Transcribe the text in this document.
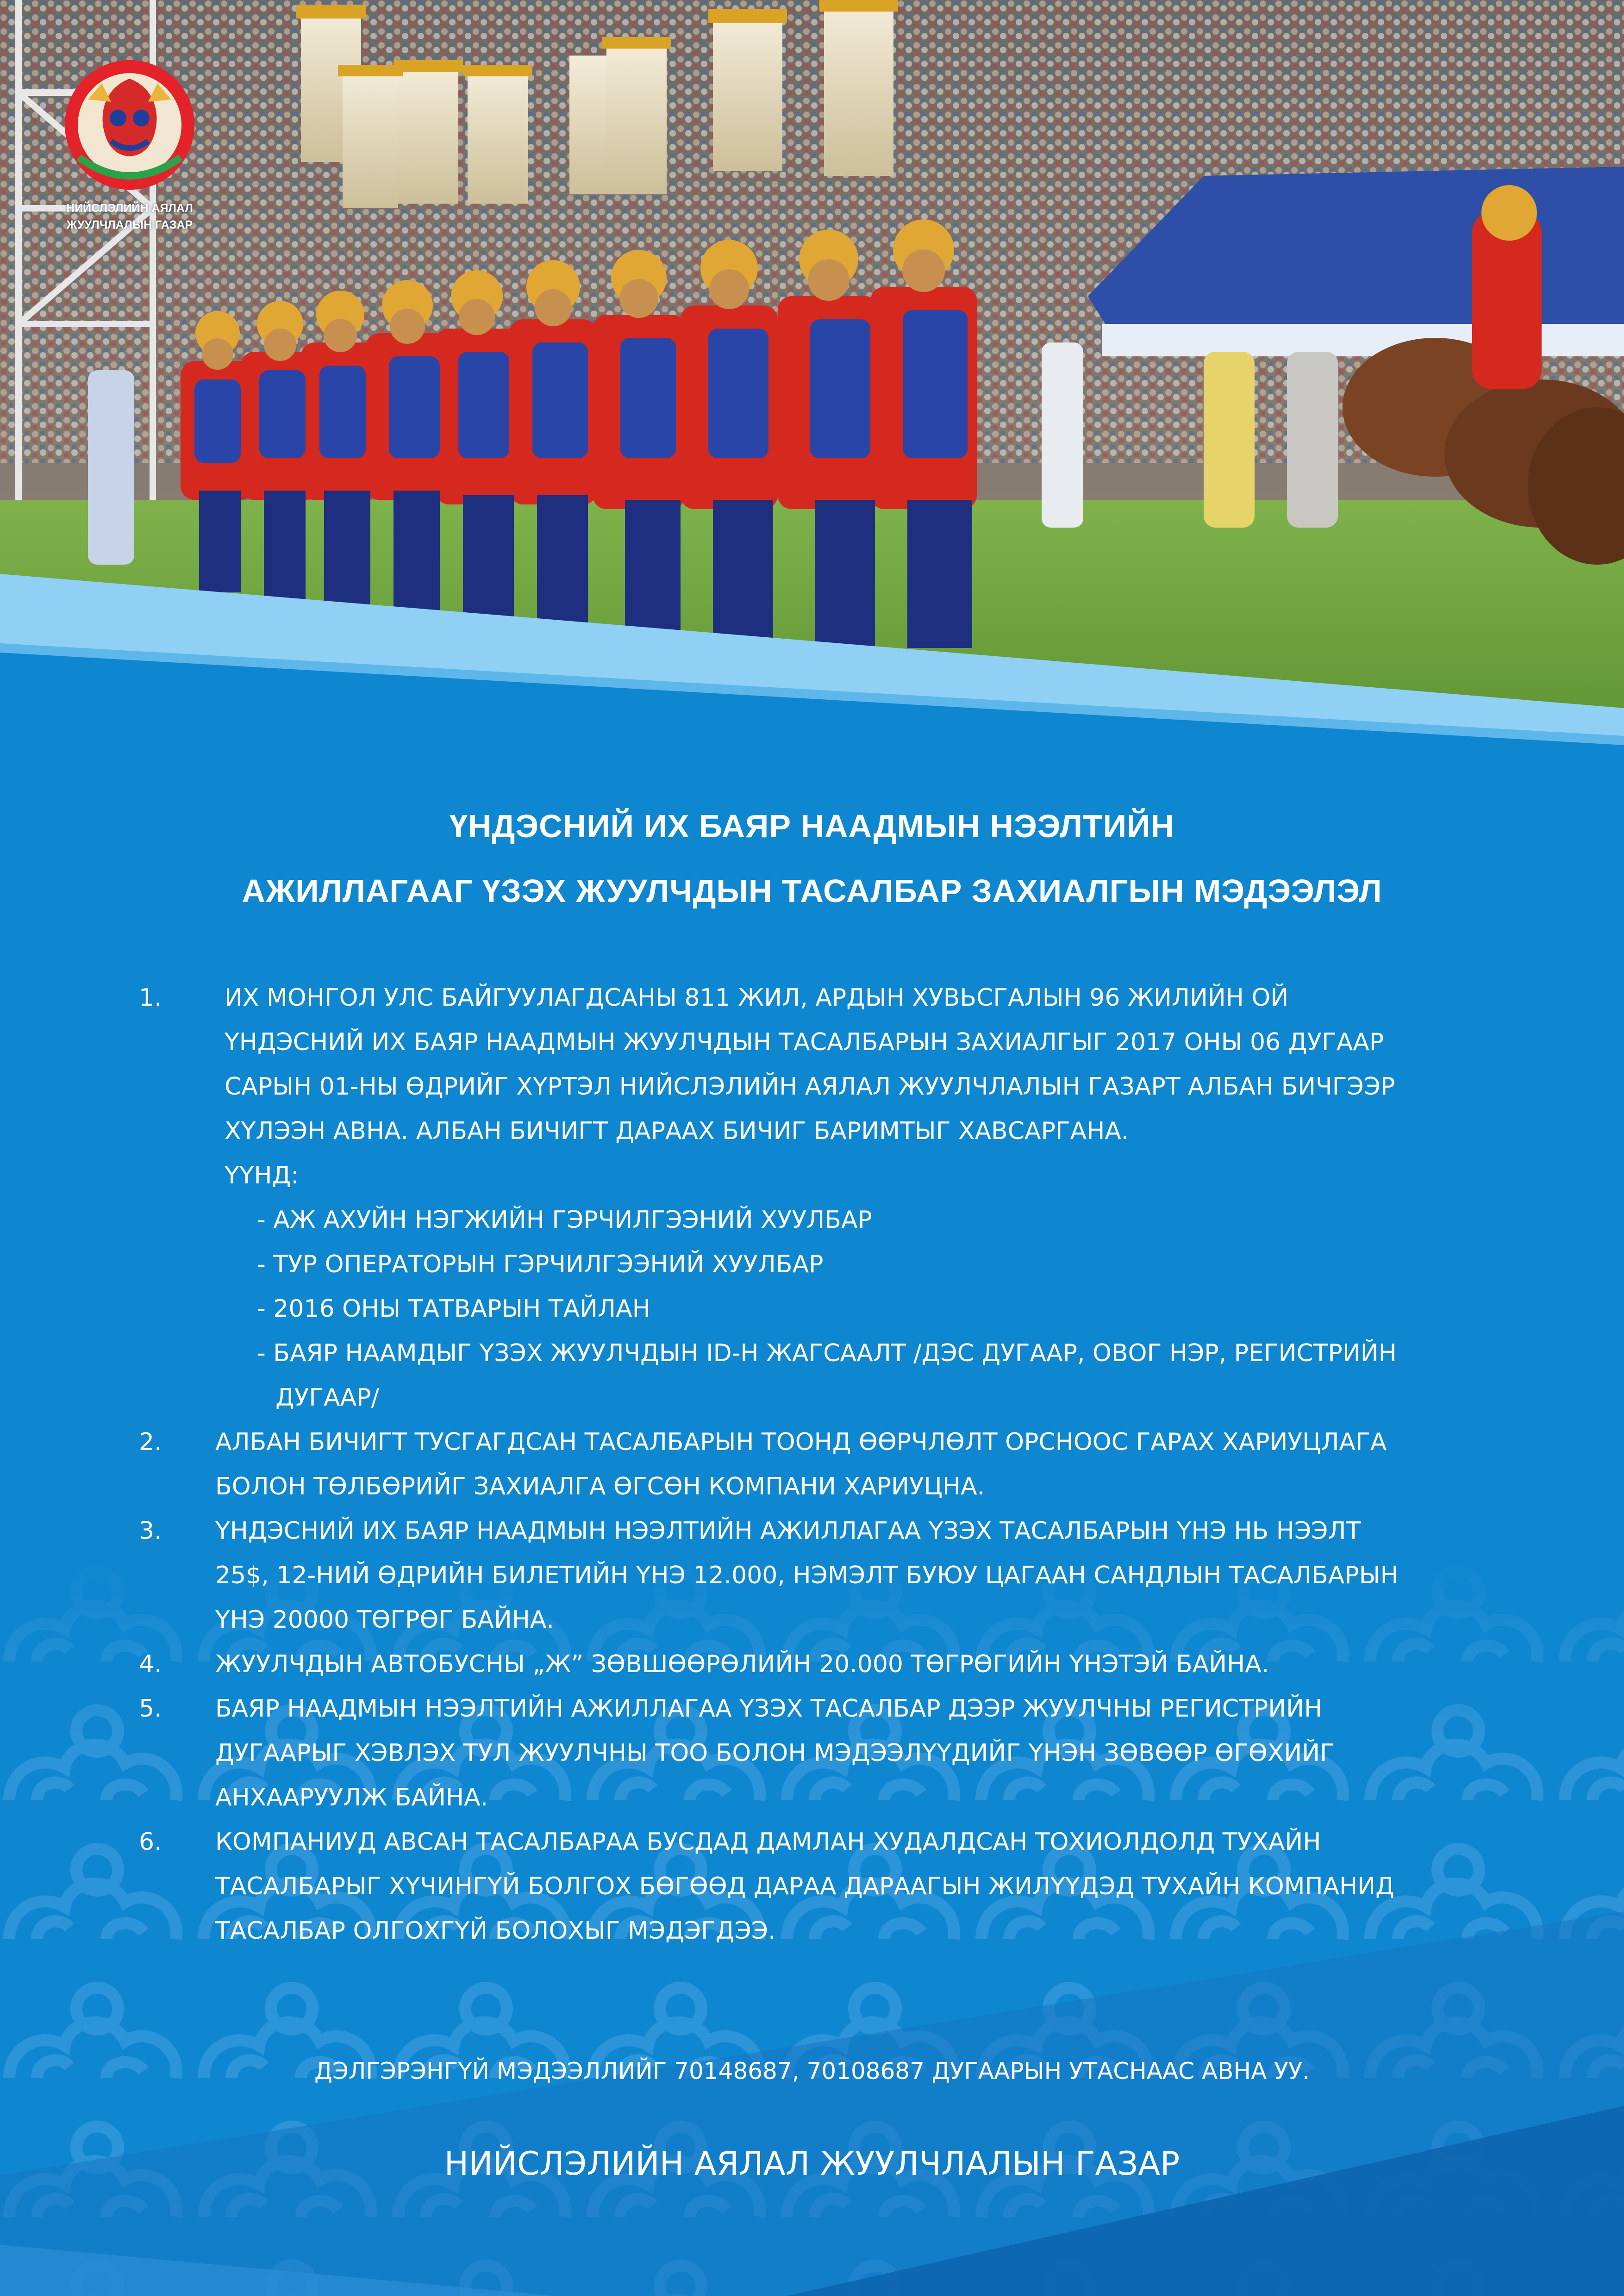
НИЙСЛЭЛИЙН АЯЛАЛ
ЖУУЛЧЛАЛЫН ГАЗАР
ҮНДЭСНИЙ ИХ БАЯР НААДМЫН НЭЭЛТИЙН
АЖИЛЛАГААГ ҮЗЭХ ЖУУЛЧДЫН ТАСАЛБАР ЗАХИАЛГЫН МЭДЭЭЛЭЛ
1.	ИХ МОНГОЛ УЛС БАЙГУУЛАГДСАНЫ 811 ЖИЛ, АРДЫН ХУВЬСГАЛЫН 96 ЖИЛИЙН ОЙ
ҮНДЭСНИЙ ИХ БАЯР НААДМЫН ЖУУЛЧДЫН ТАСАЛБАРЫН ЗАХИАЛГЫГ 2017 ОНЫ 06 ДУГААР
САРЫН 01-НЫ ӨДРИЙГ ХҮРТЭЛ НИЙСЛЭЛИЙН АЯЛАЛ ЖУУЛЧЛАЛЫН ГАЗАРТ АЛБАН БИЧГЭЭР
ХҮЛЭЭН АВНА. АЛБАН БИЧИГТ ДАРААХ БИЧИГ БАРИМТЫГ ХАВСАРГАНА.
ҮҮНД:
- АЖ АХУЙН НЭГЖИЙН ГЭРЧИЛГЭЭНИЙ ХУУЛБАР
- ТУР ОПЕРАТОРЫН ГЭРЧИЛГЭЭНИЙ ХУУЛБАР
- 2016 ОНЫ ТАТВАРЫН ТАЙЛАН
- БАЯР НААМДЫГ ҮЗЭХ ЖУУЛЧДЫН ID-Н ЖАГСААЛТ /ДЭС ДУГААР, ОВОГ НЭР, РЕГИСТРИЙН
ДУГААР/
2. АЛБАН БИЧИГТ ТУСГАГДСАН ТАСАЛБАРЫН ТООНД ӨӨРЧЛӨЛТ ОРСНООС ГАРАХ ХАРИУЦЛАГА
БОЛОН ТӨЛБӨРИЙГ ЗАХИАЛГА ӨГСӨН КОМПАНИ ХАРИУЦНА.
3. ҮНДЭСНИЙ ИХ БАЯР НААДМЫН НЭЭЛТИЙН АЖИЛЛАГАА ҮЗЭХ ТАСАЛБАРЫН ҮНЭ НЬ НЭЭЛТ
25$, 12-НИЙ ӨДРИЙН БИЛЕТИЙН ҮНЭ 12.000, НЭМЭЛТ БУЮУ ЦАГААН САНДЛЫН ТАСАЛБАРЫН
ҮНЭ 20000 ТӨГРӨГ БАЙНА.
4. ЖУУЛЧДЫН АВТОБУСНЫ „Ж” ЗӨВШӨӨРӨЛИЙН 20.000 ТӨГРӨГИЙН ҮНЭТЭЙ БАЙНА.
5. БАЯР НААДМЫН НЭЭЛТИЙН АЖИЛЛАГАА ҮЗЭХ ТАСАЛБАР ДЭЭР ЖУУЛЧНЫ РЕГИСТРИЙН
ДУГААРЫГ ХЭВЛЭХ ТУЛ ЖУУЛЧНЫ ТОО БОЛОН МЭДЭЭЛҮҮДИЙГ ҮНЭН ЗӨВӨӨР ӨГӨХИЙГ
АНХААРУУЛЖ БАЙНА.
6. КОМПАНИУД АВСАН ТАСАЛБАРАА БУСДАД ДАМЛАН ХУДАЛДСАН ТОХИОЛДОЛД ТУХАЙН
ТАСАЛБАРЫГ ХҮЧИНГҮЙ БОЛГОХ БӨГӨӨД ДАРАА ДАРААГЫН ЖИЛҮҮДЭД ТУХАЙН КОМПАНИД
ТАСАЛБАР ОЛГОХГҮЙ БОЛОХЫГ МЭДЭГДЭЭ.
ДЭЛГЭРЭНГҮЙ МЭДЭЭЛЛИЙГ 70148687, 70108687 ДУГААРЫН УТАСНААС АВНА УУ.
НИЙСЛЭЛИЙН АЯЛАЛ ЖУУЛЧЛАЛЫН ГАЗАР
